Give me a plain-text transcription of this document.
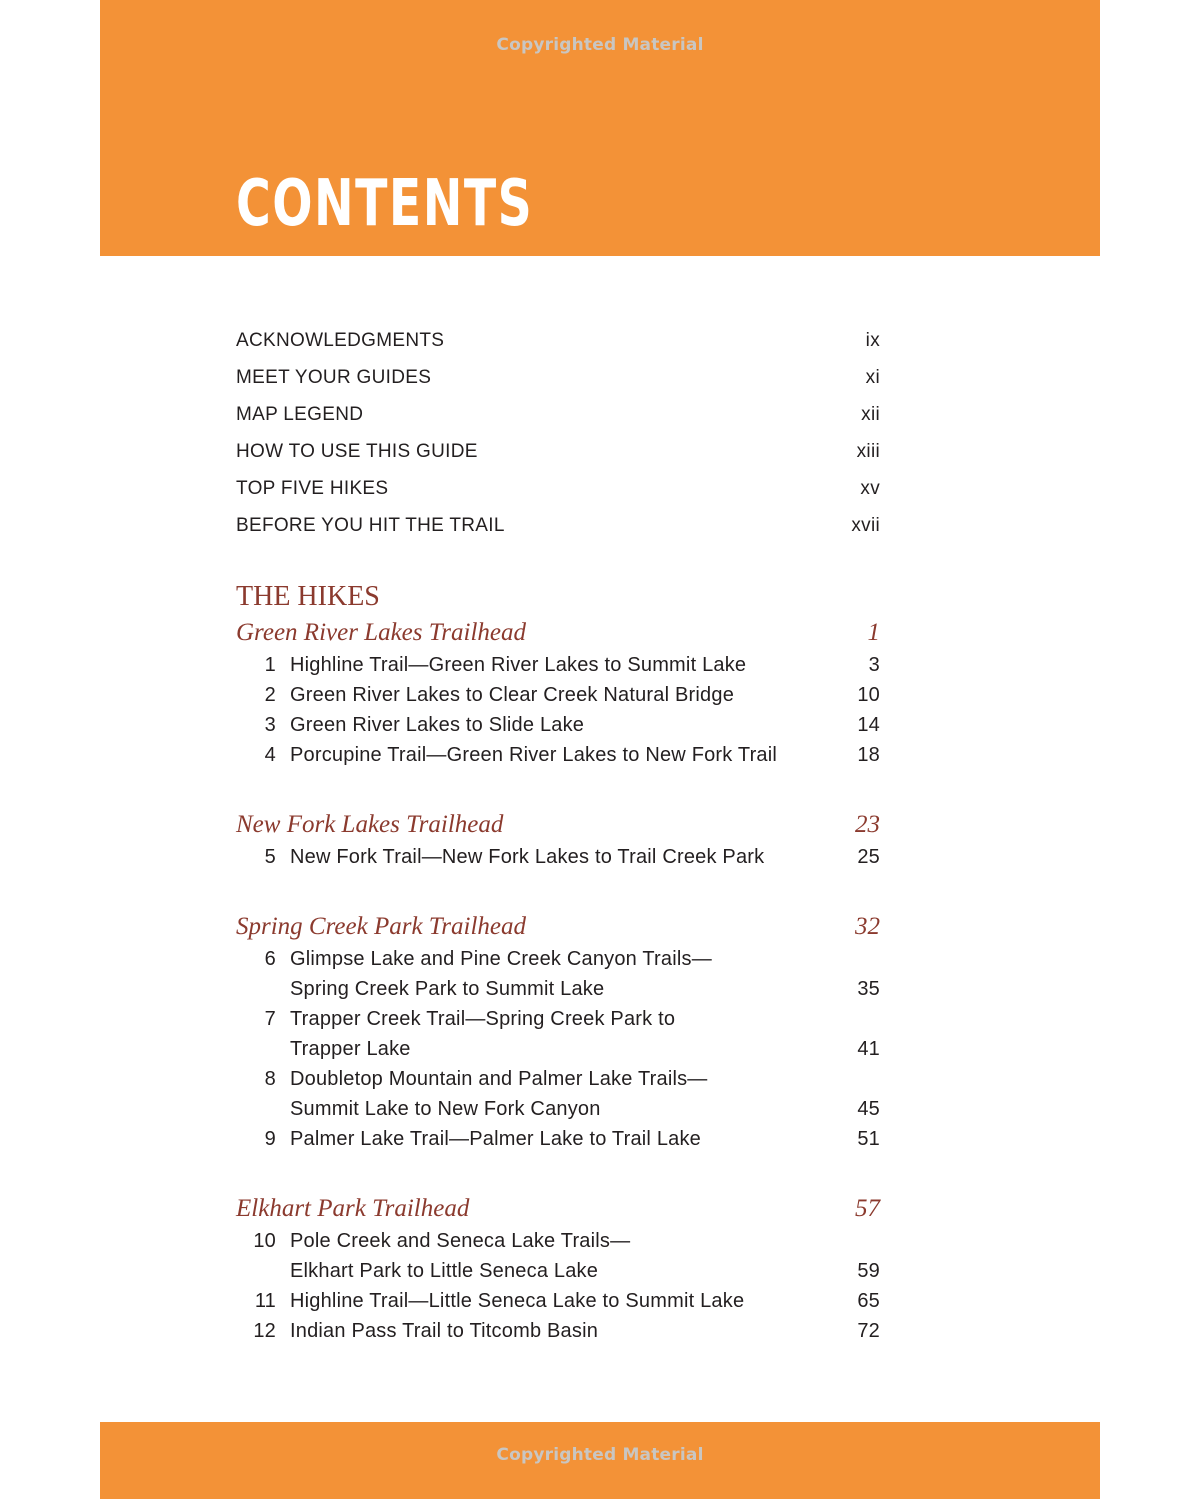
Copyrighted Material
CONTENTS
ACKNOWLEDGMENTS	ix
MEET YOUR GUIDES	xi
MAP LEGEND	xii
HOW TO USE THIS GUIDE	xiii
TOP FIVE HIKES	xv
BEFORE YOU HIT THE TRAIL	xvii
THE HIKES
Green River Lakes Trailhead	1
1 Highline Trail—Green River Lakes to Summit Lake	3
2 Green River Lakes to Clear Creek Natural Bridge	10
3 Green River Lakes to Slide Lake	14
4 Porcupine Trail—Green River Lakes to New Fork Trail	18
New Fork Lakes Trailhead	23
5 New Fork Trail—New Fork Lakes to Trail Creek Park	25
Spring Creek Park Trailhead	32
6 Glimpse Lake and Pine Creek Canyon Trails—
Spring Creek Park to Summit Lake	35
7 Trapper Creek Trail—Spring Creek Park to
Trapper Lake	41
8 Doubletop Mountain and Palmer Lake Trails—
Summit Lake to New Fork Canyon	45
9 Palmer Lake Trail—Palmer Lake to Trail Lake	51
Elkhart Park Trailhead	57
10 Pole Creek and Seneca Lake Trails—
Elkhart Park to Little Seneca Lake	59
11 Highline Trail—Little Seneca Lake to Summit Lake	65
12 Indian Pass Trail to Titcomb Basin	72
Copyrighted Material
